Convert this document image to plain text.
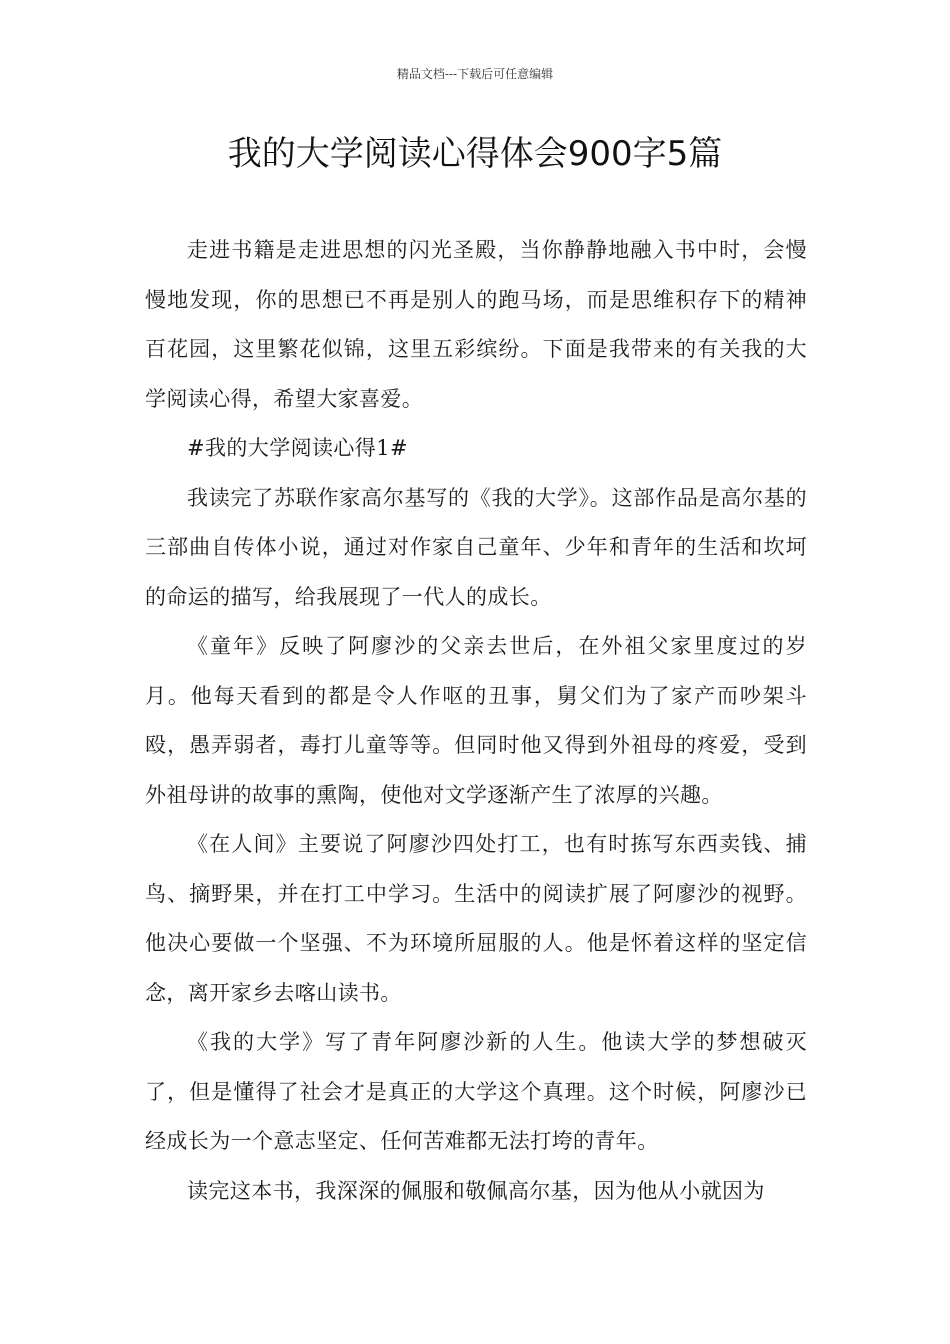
精品文档---下载后可任意编辑
我的大学阅读心得体会900字5篇

走进书籍是走进思想的闪光圣殿，当你静静地融入书中时，会慢慢地发现，你的思想已不再是别人的跑马场，而是思维积存下的精神百花园，这里繁花似锦，这里五彩缤纷。下面是我带来的有关我的大学阅读心得，希望大家喜爱。

#我的大学阅读心得1#

我读完了苏联作家高尔基写的《我的大学》。这部作品是高尔基的三部曲自传体小说，通过对作家自己童年、少年和青年的生活和坎坷的命运的描写，给我展现了一代人的成长。

《童年》反映了阿廖沙的父亲去世后，在外祖父家里度过的岁月。他每天看到的都是令人作呕的丑事，舅父们为了家产而吵架斗殴，愚弄弱者，毒打儿童等等。但同时他又得到外祖母的疼爱，受到外祖母讲的故事的熏陶，使他对文学逐渐产生了浓厚的兴趣。

《在人间》主要说了阿廖沙四处打工，也有时拣写东西卖钱、捕鸟、摘野果，并在打工中学习。生活中的阅读扩展了阿廖沙的视野。他决心要做一个坚强、不为环境所屈服的人。他是怀着这样的坚定信念，离开家乡去喀山读书。

《我的大学》写了青年阿廖沙新的人生。他读大学的梦想破灭了，但是懂得了社会才是真正的大学这个真理。这个时候，阿廖沙已经成长为一个意志坚定、任何苦难都无法打垮的青年。

读完这本书，我深深的佩服和敬佩高尔基，因为他从小就因为
